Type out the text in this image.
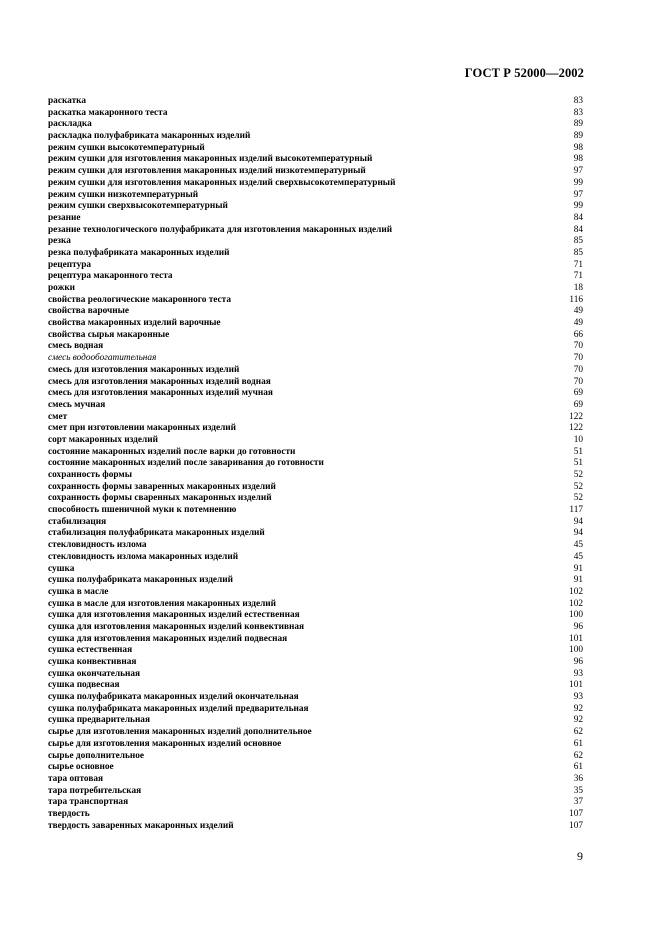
ГОСТ Р 52000—2002
раскатка	83
раскатка макаронного теста	83
раскладка	89
раскладка полуфабриката макаронных изделий	89
режим сушки высокотемпературный	98
режим сушки для изготовления макаронных изделий высокотемпературный	98
режим сушки для изготовления макаронных изделий низкотемпературный	97
режим сушки для изготовления макаронных изделий сверхвысокотемпературный	99
режим сушки низкотемпературный	97
режим сушки сверхвысокотемпературный	99
резание	84
резание технологического полуфабриката для изготовления макаронных изделий	84
резка	85
резка полуфабриката макаронных изделий	85
рецептура	71
рецептура макаронного теста	71
рожки	18
свойства реологические макаронного теста	116
свойства варочные	49
свойства макаронных изделий варочные	49
свойства сырья макаронные	66
смесь водная	70
смесь водообогатительная	70
смесь для изготовления макаронных изделий	70
смесь для изготовления макаронных изделий водная	70
смесь для изготовления макаронных изделий мучная	69
смесь мучная	69
смет	122
смет при изготовлении макаронных изделий	122
сорт макаронных изделий	10
состояние макаронных изделий после варки до готовности	51
состояние макаронных изделий после заваривания до готовности	51
сохранность формы	52
сохранность формы заваренных макаронных изделий	52
сохранность формы сваренных макаронных изделий	52
способность пшеничной муки к потемнению	117
стабилизация	94
стабилизация полуфабриката макаронных изделий	94
стекловидность излома	45
стекловидность излома макаронных изделий	45
сушка	91
сушка полуфабриката макаронных изделий	91
сушка в масле	102
сушка в масле для изготовления макаронных изделий	102
сушка для изготовления макаронных изделий естественная	100
сушка для изготовления макаронных изделий конвективная	96
сушка для изготовления макаронных изделий подвесная	101
сушка естественная	100
сушка конвективная	96
сушка окончательная	93
сушка подвесная	101
сушка полуфабриката макаронных изделий окончательная	93
сушка полуфабриката макаронных изделий предварительная	92
сушка предварительная	92
сырье для изготовления макаронных изделий дополнительное	62
сырье для изготовления макаронных изделий основное	61
сырье дополнительное	62
сырье основное	61
тара оптовая	36
тара потребительская	35
тара транспортная	37
твердость	107
твердость заваренных макаронных изделий	107
9
